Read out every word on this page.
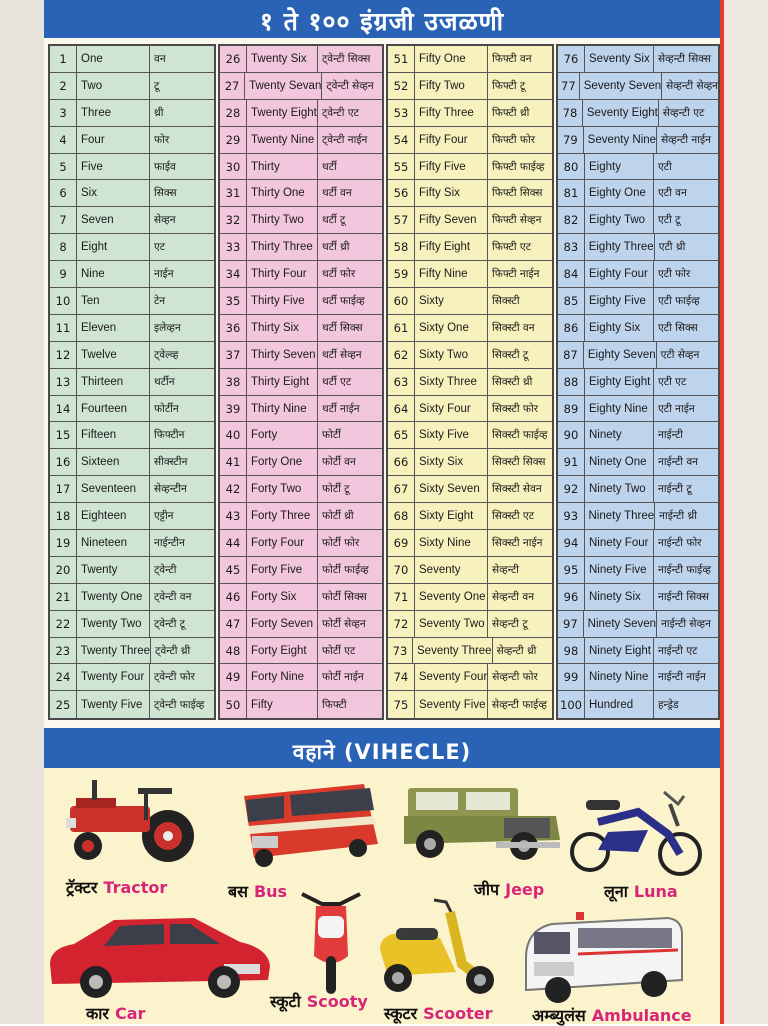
१ ते १०० इंग्रजी उजळणी
1	One	वन
2	Two	टू
3	Three	थ्री
4	Four	फोर
5	Five	फाईव
6	Six	सिक्स
7	Seven	सेव्हन
8	Eight	एट
9	Nine	नाईन
10 Ten	टेन
11 Eleven	इलेव्हन
12 Twelve	ट्वेल्व्ह
13 Thirteen	थर्टीन
14 Fourteen	फोर्टीन
15 Fifteen	फिफ्टीन
16 Sixteen	सीक्स्टीन
17 Seventeen	सेव्हन्टीन
18 Eighteen	एट्टीन
19 Nineteen	नाईन्टीन
20 Twenty	ट्वेन्टी
21 Twenty One	ट्वेन्टी वन
22 Twenty Two	ट्वेन्टी टू
23 Twenty Three ट्वेन्टी थ्री
24 Twenty Four ट्वेन्टी फोर
25 Twenty Five	ट्वेन्टी फाईव्ह
26 Twenty Six	ट्वेन्टी सिक्स
27 Twenty Sevan ट्वेन्टी सेव्हन
28 Twenty Eight ट्वेन्टी एट
29 Twenty Nine ट्वेन्टी नाईन
30 Thirty	थर्टी
31 Thirty One	थर्टी वन
32 Thirty Two	थर्टी टू
33 Thirty Three थर्टी थ्री
34 Thirty Four	थर्टी फोर
35 Thirty Five	थर्टी फाईव्ह
36 Thirty Six	थर्टी सिक्स
37 Thirty Seven थर्टी सेव्हन
38 Thirty Eight	थर्टी एट
39 Thirty Nine	थर्टी नाईन
40 Forty	फोर्टी
41 Forty One	फोर्टी वन
42 Forty Two	फोर्टी टू
43 Forty Three	फोर्टी थ्री
44 Forty Four	फोर्टी फोर
45 Forty Five	फोर्टी फाईव्ह
46 Forty Six	फोर्टी सिक्स
47 Forty Seven फोर्टी सेव्हन
48 Forty Eight	फोर्टी एट
49 Forty Nine	फोर्टी नाईन
50 Fifty	फिफ्टी
51 Fifty One	फिफ्टी वन
52 Fifty Two	फिफ्टी टू
53 Fifty Three	फिफ्टी थ्री
54 Fifty Four	फिफ्टी फोर
55 Fifty Five	फिफ्टी फाईव्ह
56 Fifty Six	फिफ्टी सिक्स
57 Fifty Seven	फिफ्टी सेव्हन
58 Fifty Eight	फिफ्टी एट
59 Fifty Nine	फिफ्टी नाईन
60 Sixty	सिक्स्टी
61 Sixty One	सिक्स्टी वन
62 Sixty Two	सिक्स्टी टू
63 Sixty Three	सिक्स्टी थ्री
64 Sixty Four	सिक्स्टी फोर
65 Sixty Five	सिक्स्टी फाईव्ह
66 Sixty Six	सिक्स्टी सिक्स
67 Sixty Seven	सिक्स्टी सेवन
68 Sixty Eight	सिक्स्टी एट
69 Sixty Nine	सिक्स्टी नाईन
70 Seventy	सेव्हन्टी
71 Seventy One सेव्हन्टी वन
72 Seventy Two सेव्हन्टी टू
73 Seventy Three सेव्हन्टी थ्री
74 Seventy Four सेव्हन्टी फोर
75 Seventy Five सेव्हन्टी फाईव्ह
76 Seventy Six सेव्हन्टी सिक्स
77 Seventy Seven सेव्हन्टी सेव्हन
78 Seventy Eight सेव्हन्टी एट
79 Seventy Nine सेव्हन्टी नाईन
80 Eighty	एटी
81 Eighty One	एटी वन
82 Eighty Two	एटी टू
83 Eighty Three एटी थ्री
84 Eighty Four एटी फोर
85 Eighty Five	एटी फाईव्ह
86 Eighty Six	एटी सिक्स
87 Eighty Seven एटी सेव्हन
88 Eighty Eight एटी एट
89 Eighty Nine एटी नाईन
90 Ninety	नाईन्टी
91 Ninety One	नाईन्टी वन
92 Ninety Two	नाईन्टी टू
93 Ninety Three नाईन्टी थ्री
94 Ninety Four नाईन्टी फोर
95 Ninety Five	नाईन्टी फाईव्ह
96 Ninety Six	नाईन्टी सिक्स
97 Ninety Seven नाईन्टी सेव्हन
98 Ninety Eight नाईन्टी एट
99 Ninety Nine नाईन्टी नाईन
100 Hundred	हन्ड्रेड
वहाने (VIHECLE)
ट्रॅक्टर Tractor	बस Bus	जीप Jeep	लूना Luna
कार Car
स्कूटी Scooty
स्कूटर Scooter अम्ब्युलंस Ambulance
